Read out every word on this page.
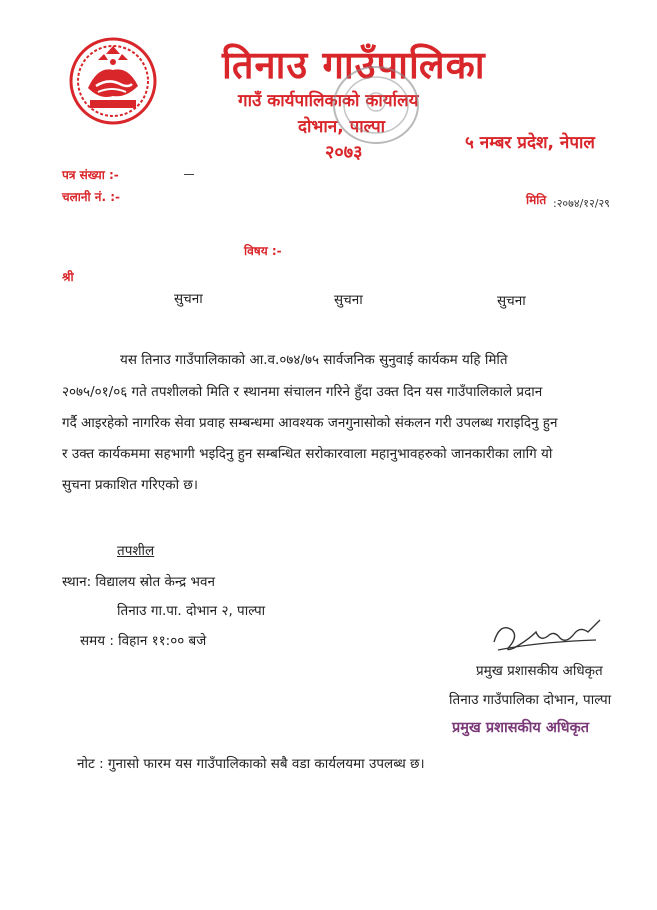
तिनाउ गाउँपालिका
गाउँ कार्यपालिकाको कार्यालय
दोभान, पाल्पा
२०७३	५ नम्बर प्रदेश, नेपाल
पत्र संख्या :-
चलानी नं. :-	मिति :२०७४/१२/२९
विषय :-
श्री
सुचना	सुचना	सुचना
यस तिनाउ गाउँपालिकाको आ.व.०७४/७५ सार्वजनिक सुनुवाई कार्यकम यहि मिति
२०७५/०१/०६ गते तपशीलको मिति र स्थानमा संचालन गरिने हुँदा उक्त दिन यस गाउँपालिकाले प्रदान
गर्दै आइरहेको नागरिक सेवा प्रवाह सम्बन्धमा आवश्यक जनगुनासोको संकलन गरी उपलब्ध गराइदिनु हुन
र उक्त कार्यकममा सहभागी भइदिनु हुन सम्बन्धित सरोकारवाला महानुभावहरुको जानकारीका लागि यो
सुचना प्रकाशित गरिएको छ।
तपशील
स्थान: विद्यालय स्रोत केन्द्र भवन
तिनाउ गा.पा. दोभान २, पाल्पा
समय : विहान ११:०० बजे
प्रमुख प्रशासकीय अधिकृत
तिनाउ गाउँपालिका दोभान, पाल्पा
प्रमुख प्रशासकीय अधिकृत
नोट : गुनासो फारम यस गाउँपालिकाको सबै वडा कार्यलयमा उपलब्ध छ।
